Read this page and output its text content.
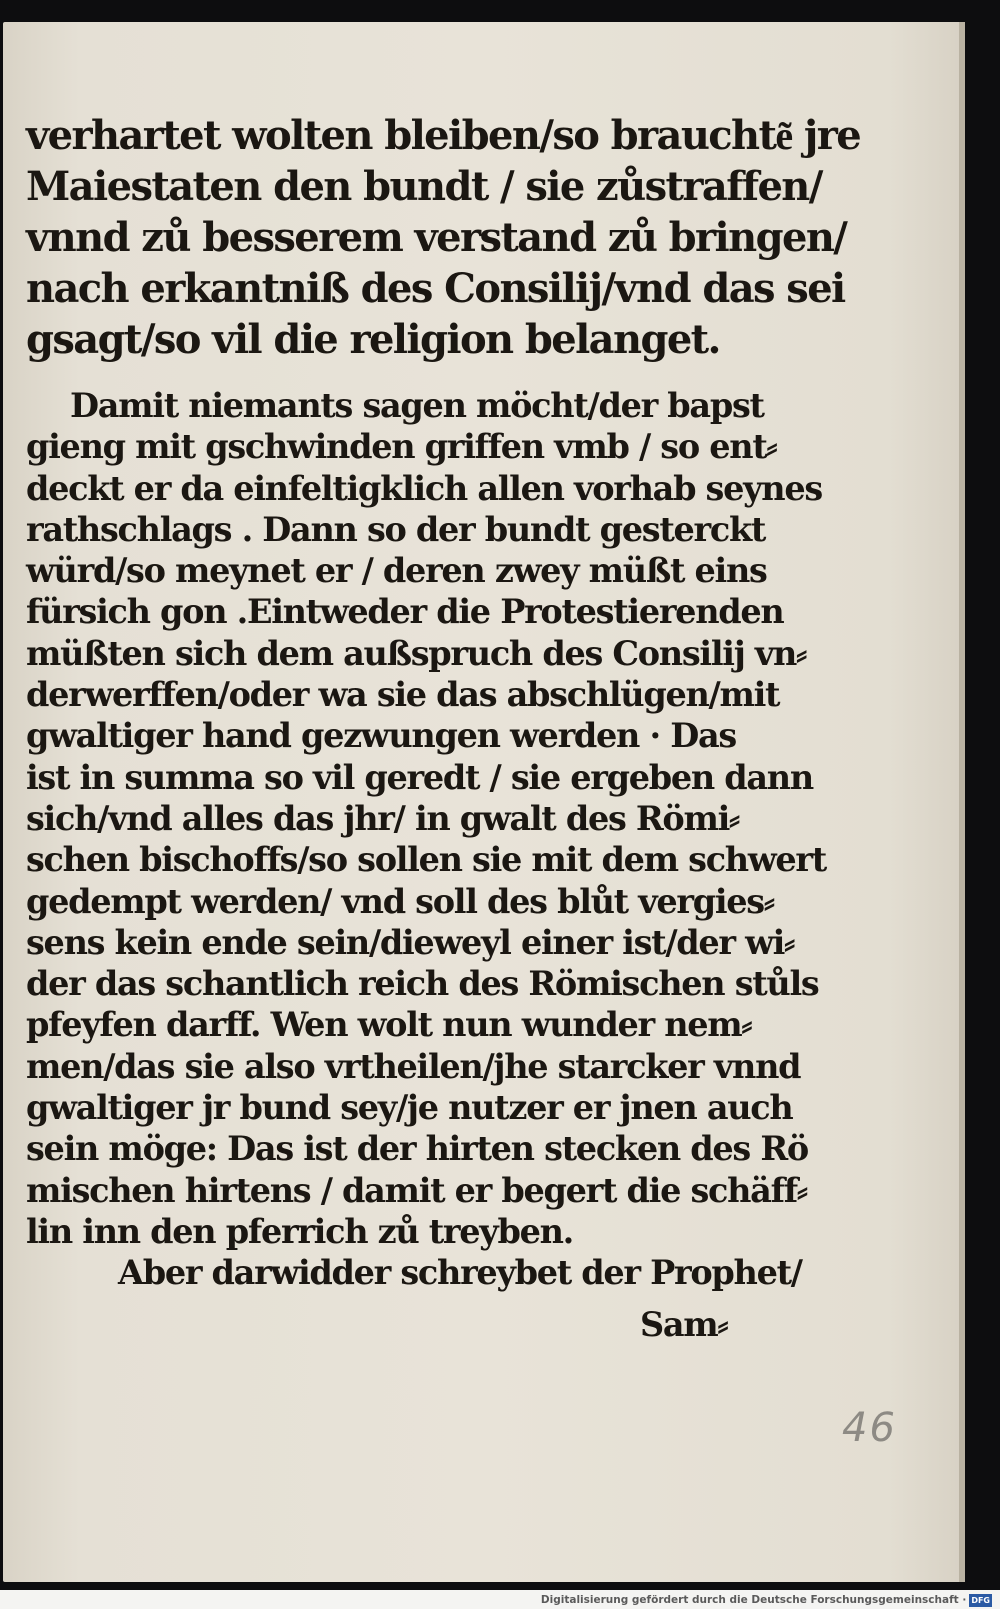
verhartet wolten bleiben/so brauchte͂ jre
Maiestaten den bundt / sie zůstraffen/
vnnd zů besserem verstand zů bringen/
nach erkantniß des Consilij/vnd das sei
gsagt/so vil die religion belanget.
Damit niemants sagen möcht/der bapst
gieng mit gschwinden griffen vmb / so ent⸗
deckt er da einfeltigklich allen vorhab seynes
rathschlags . Dann so der bundt gesterckt
würd/so meynet er / deren zwey müßt eins
fürsich gon .Eintweder die Protestierenden
müßten sich dem außspruch des Consilij vn⸗
derwerffen/oder wa sie das abschlügen/mit
gwaltiger hand gezwungen werden · Das
ist in summa so vil geredt / sie ergeben dann
sich/vnd alles das jhr/ in gwalt des Römi⸗
schen bischoffs/so sollen sie mit dem schwert
gedempt werden/ vnd soll des blůt vergies⸗
sens kein ende sein/dieweyl einer ist/der wi⸗
der das schantlich reich des Römischen stůls
pfeyfen darff. Wen wolt nun wunder nem⸗
men/das sie also vrtheilen/jhe starcker vnnd
gwaltiger jr bund sey/je nutzer er jnen auch
sein möge: Das ist der hirten stecken des Rö
mischen hirtens / damit er begert die schäff⸗
lin inn den pferrich zů treyben.
Aber darwidder schreybet der Prophet/
Sam⸗
46
Digitalisierung gefördert durch die Deutsche Forschungsgemeinschaft · DFG
